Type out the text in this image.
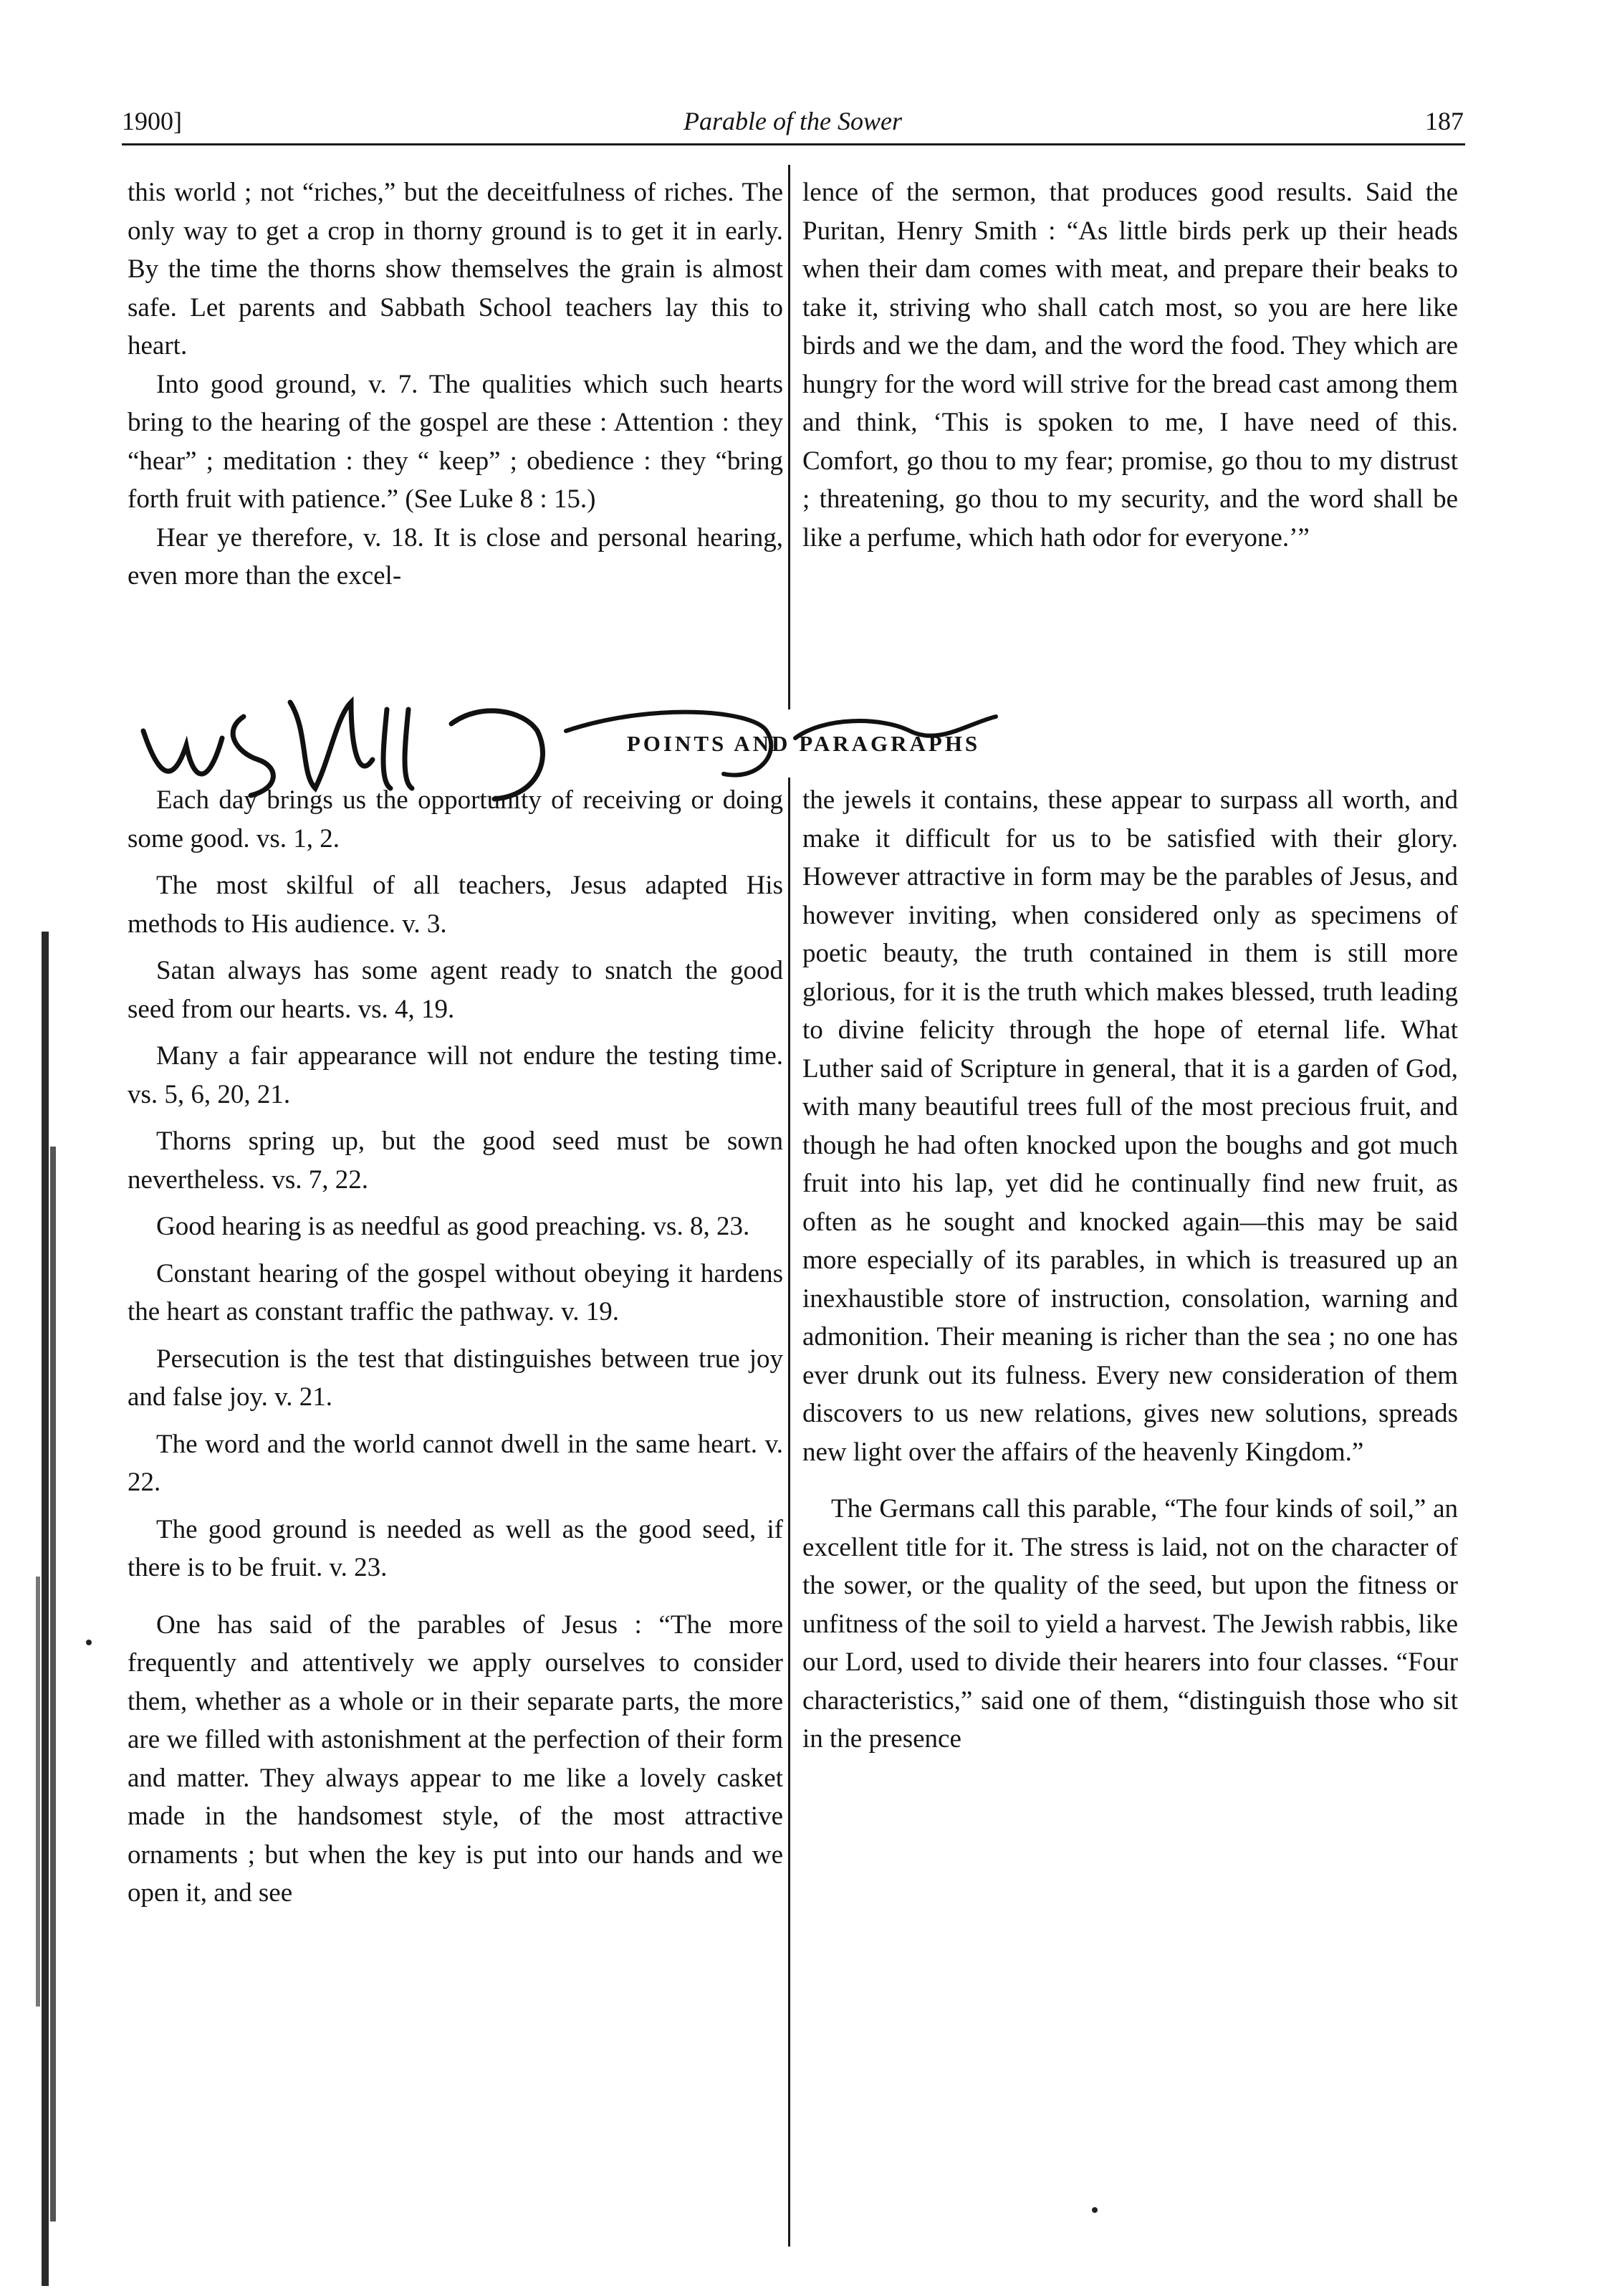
1900]	Parable of the Sower	187

this world ; not “riches,” but the deceitfulness of riches. The only way to get a crop in thorny ground is to get it in early. By the time the thorns show themselves the grain is almost safe. Let parents and Sabbath School teachers lay this to heart.

Into good ground, v. 7. The qualities which such hearts bring to the hearing of the gospel are these : Attention : they “hear” ; meditation : they “ keep” ; obedience : they “bring forth fruit with patience.” (See Luke 8 : 15.)

Hear ye therefore, v. 18. It is close and personal hearing, even more than the excel-

lence of the sermon, that produces good results. Said the Puritan, Henry Smith : “As little birds perk up their heads when their dam comes with meat, and prepare their beaks to take it, striving who shall catch most, so you are here like birds and we the dam, and the word the food. They which are hungry for the word will strive for the bread cast among them and think, ‘This is spoken to me, I have need of this. Comfort, go thou to my fear; promise, go thou to my distrust ; threatening, go thou to my security, and the word shall be like a perfume, which hath odor for everyone.’”

POINTS AND PARAGRAPHS

Each day brings us the opportunity of receiving or doing some good. vs. 1, 2.

The most skilful of all teachers, Jesus adapted His methods to His audience. v. 3.

Satan always has some agent ready to snatch the good seed from our hearts. vs. 4, 19.

Many a fair appearance will not endure the testing time. vs. 5, 6, 20, 21.

Thorns spring up, but the good seed must be sown nevertheless. vs. 7, 22.

Good hearing is as needful as good preaching. vs. 8, 23.

Constant hearing of the gospel without obeying it hardens the heart as constant traffic the pathway. v. 19.

Persecution is the test that distinguishes between true joy and false joy. v. 21.

The word and the world cannot dwell in the same heart. v. 22.

The good ground is needed as well as the good seed, if there is to be fruit. v. 23.

One has said of the parables of Jesus : “The more frequently and attentively we apply ourselves to consider them, whether as a whole or in their separate parts, the more are we filled with astonishment at the perfection of their form and matter. They always appear to me like a lovely casket made in the handsomest style, of the most attractive ornaments ; but when the key is put into our hands and we open it, and see

the jewels it contains, these appear to surpass all worth, and make it difficult for us to be satisfied with their glory. However attractive in form may be the parables of Jesus, and however inviting, when considered only as specimens of poetic beauty, the truth contained in them is still more glorious, for it is the truth which makes blessed, truth leading to divine felicity through the hope of eternal life. What Luther said of Scripture in general, that it is a garden of God, with many beautiful trees full of the most precious fruit, and though he had often knocked upon the boughs and got much fruit into his lap, yet did he continually find new fruit, as often as he sought and knocked again—this may be said more especially of its parables, in which is treasured up an inexhaustible store of instruction, consolation, warning and admonition. Their meaning is richer than the sea ; no one has ever drunk out its fulness. Every new consideration of them discovers to us new relations, gives new solutions, spreads new light over the affairs of the heavenly Kingdom.”

The Germans call this parable, “The four kinds of soil,” an excellent title for it. The stress is laid, not on the character of the sower, or the quality of the seed, but upon the fitness or unfitness of the soil to yield a harvest. The Jewish rabbis, like our Lord, used to divide their hearers into four classes. “Four characteristics,” said one of them, “distinguish those who sit in the presence
